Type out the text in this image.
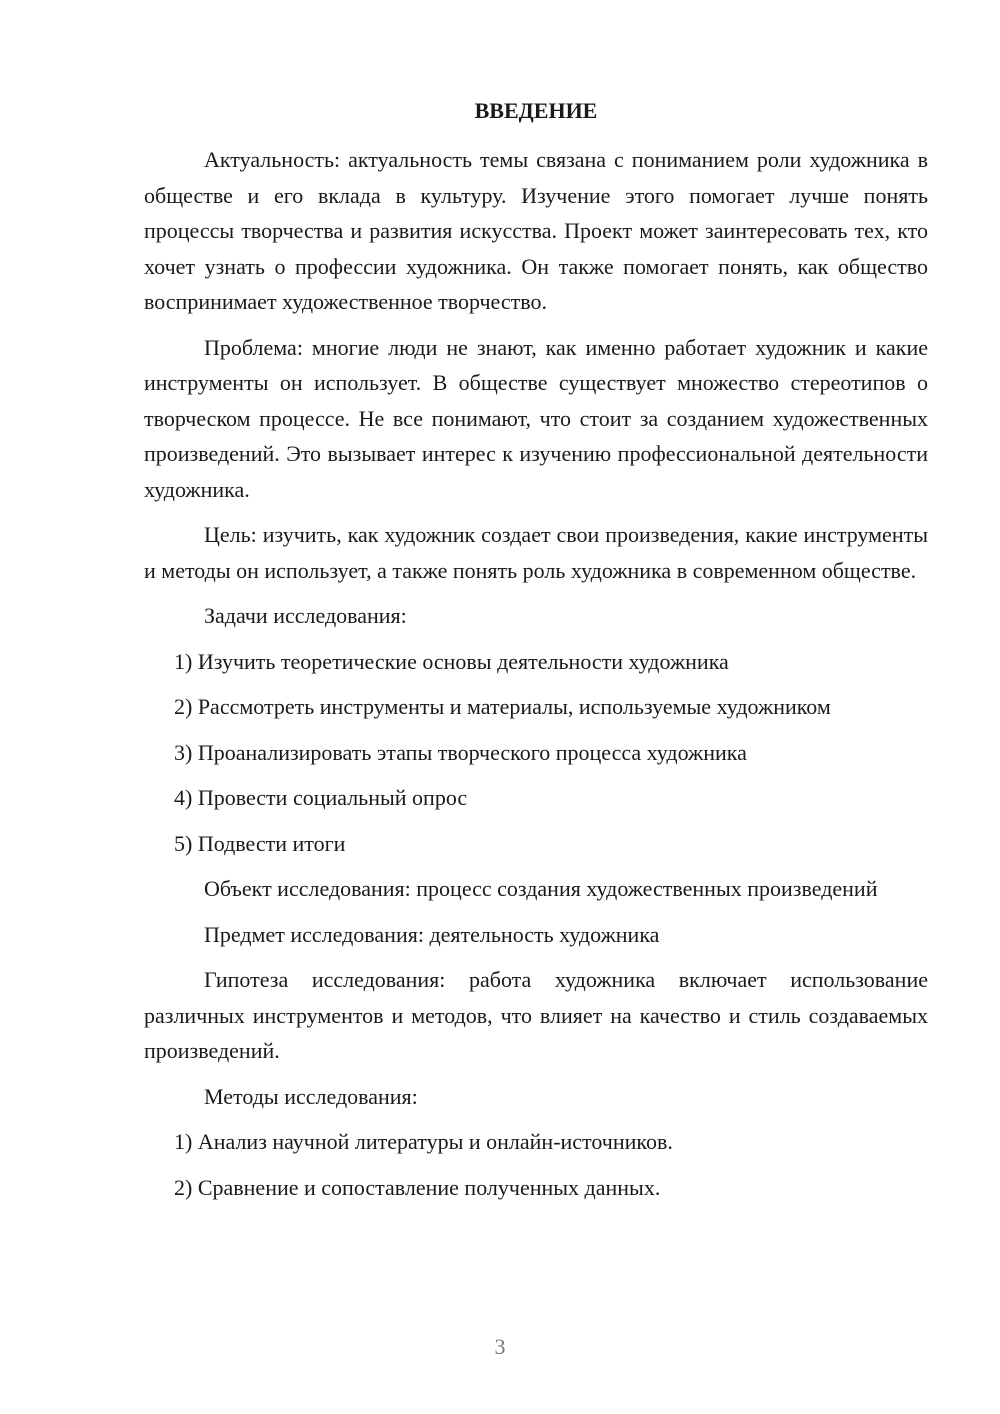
ВВЕДЕНИЕ

Актуальность: актуальность темы связана с пониманием роли художника в обществе и его вклада в культуру. Изучение этого помогает лучше понять процессы творчества и развития искусства. Проект может заинтересовать тех, кто хочет узнать о профессии художника. Он также помогает понять, как общество воспринимает художественное творчество.

Проблема: многие люди не знают, как именно работает художник и какие инструменты он использует. В обществе существует множество стереотипов о творческом процессе. Не все понимают, что стоит за созданием художественных произведений. Это вызывает интерес к изучению профессиональной деятельности художника.

Цель: изучить, как художник создает свои произведения, какие инструменты и методы он использует, а также понять роль художника в современном обществе.

Задачи исследования:

1) Изучить теоретические основы деятельности художника

2) Рассмотреть инструменты и материалы, используемые художником

3) Проанализировать этапы творческого процесса художника

4) Провести социальный опрос

5) Подвести итоги

Объект исследования: процесс создания художественных произведений

Предмет исследования: деятельность художника

Гипотеза исследования: работа художника включает использование различных инструментов и методов, что влияет на качество и стиль создаваемых произведений.

Методы исследования:

1) Анализ научной литературы и онлайн-источников.

2) Сравнение и сопоставление полученных данных.

3
